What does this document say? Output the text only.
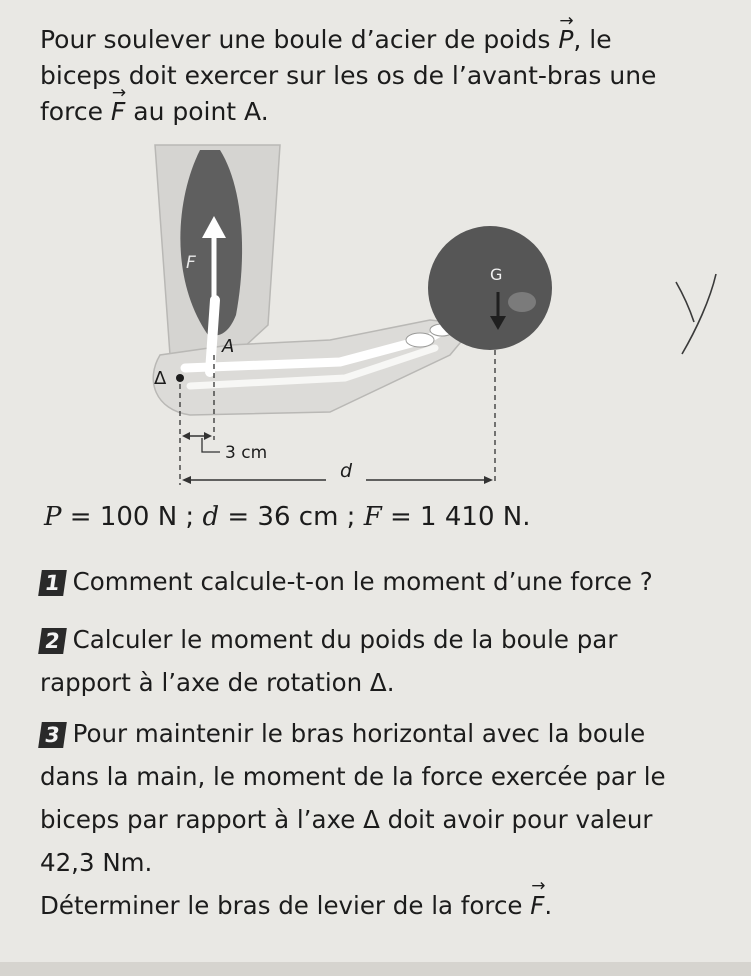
Pour soulever une boule d’acier de poids → P, le biceps doit exercer sur les os de l’avant-bras une force → F au point A.
G
F
A
Δ
3 cm
d
P = 100 N ; d = 36 cm ; F = 1 410 N.
1 Comment calcule-t-on le moment d’une force ?
2 Calculer le moment du poids de la boule par rapport à l’axe de rotation Δ.
3 Pour maintenir le bras horizontal avec la boule dans la main, le moment de la force exercée par le biceps par rapport à l’axe Δ doit avoir pour valeur 42,3 Nm.
Déterminer le bras de levier de la force → F.
